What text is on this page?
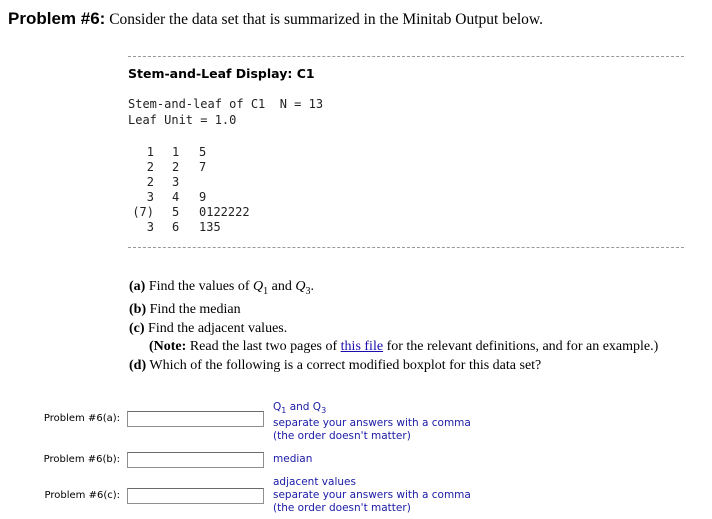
Problem #6: Consider the data set that is summarized in the Minitab Output below.
Stem-and-Leaf Display: C1
Stem-and-leaf of C1  N = 13
Leaf Unit = 1.0
1 1 5
2 2 7
2 3
3 4 9
(7) 5 0122222
3 6 135
(a) Find the values of $Q_1$ and $Q_3$.
(b) Find the median
(c) Find the adjacent values.
(Note: Read the last two pages of this file for the relevant definitions, and for an example.)
(d) Which of the following is a correct modified boxplot for this data set?
Problem #6(a):
$Q_1$ and $Q_3$
separate your answers with a comma
(the order doesn't matter)
Problem #6(b):	median
Problem #6(c):
adjacent values
separate your answers with a comma
(the order doesn't matter)
